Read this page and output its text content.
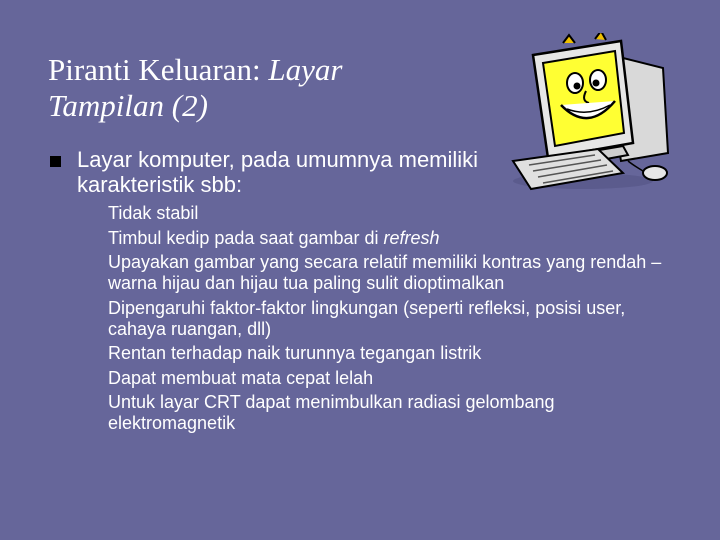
Piranti Keluaran: Layar
Tampilan (2)
Layar komputer, pada umumnya memiliki
karakteristik sbb:
Tidak stabil
Timbul kedip pada saat gambar di refresh
Upayakan gambar yang secara relatif memiliki kontras yang rendah – warna hijau dan hijau tua paling sulit dioptimalkan
Dipengaruhi faktor-faktor lingkungan (seperti refleksi, posisi user, cahaya ruangan, dll)
Rentan terhadap naik turunnya tegangan listrik
Dapat membuat mata cepat lelah
Untuk layar CRT dapat menimbulkan radiasi gelombang elektromagnetik
